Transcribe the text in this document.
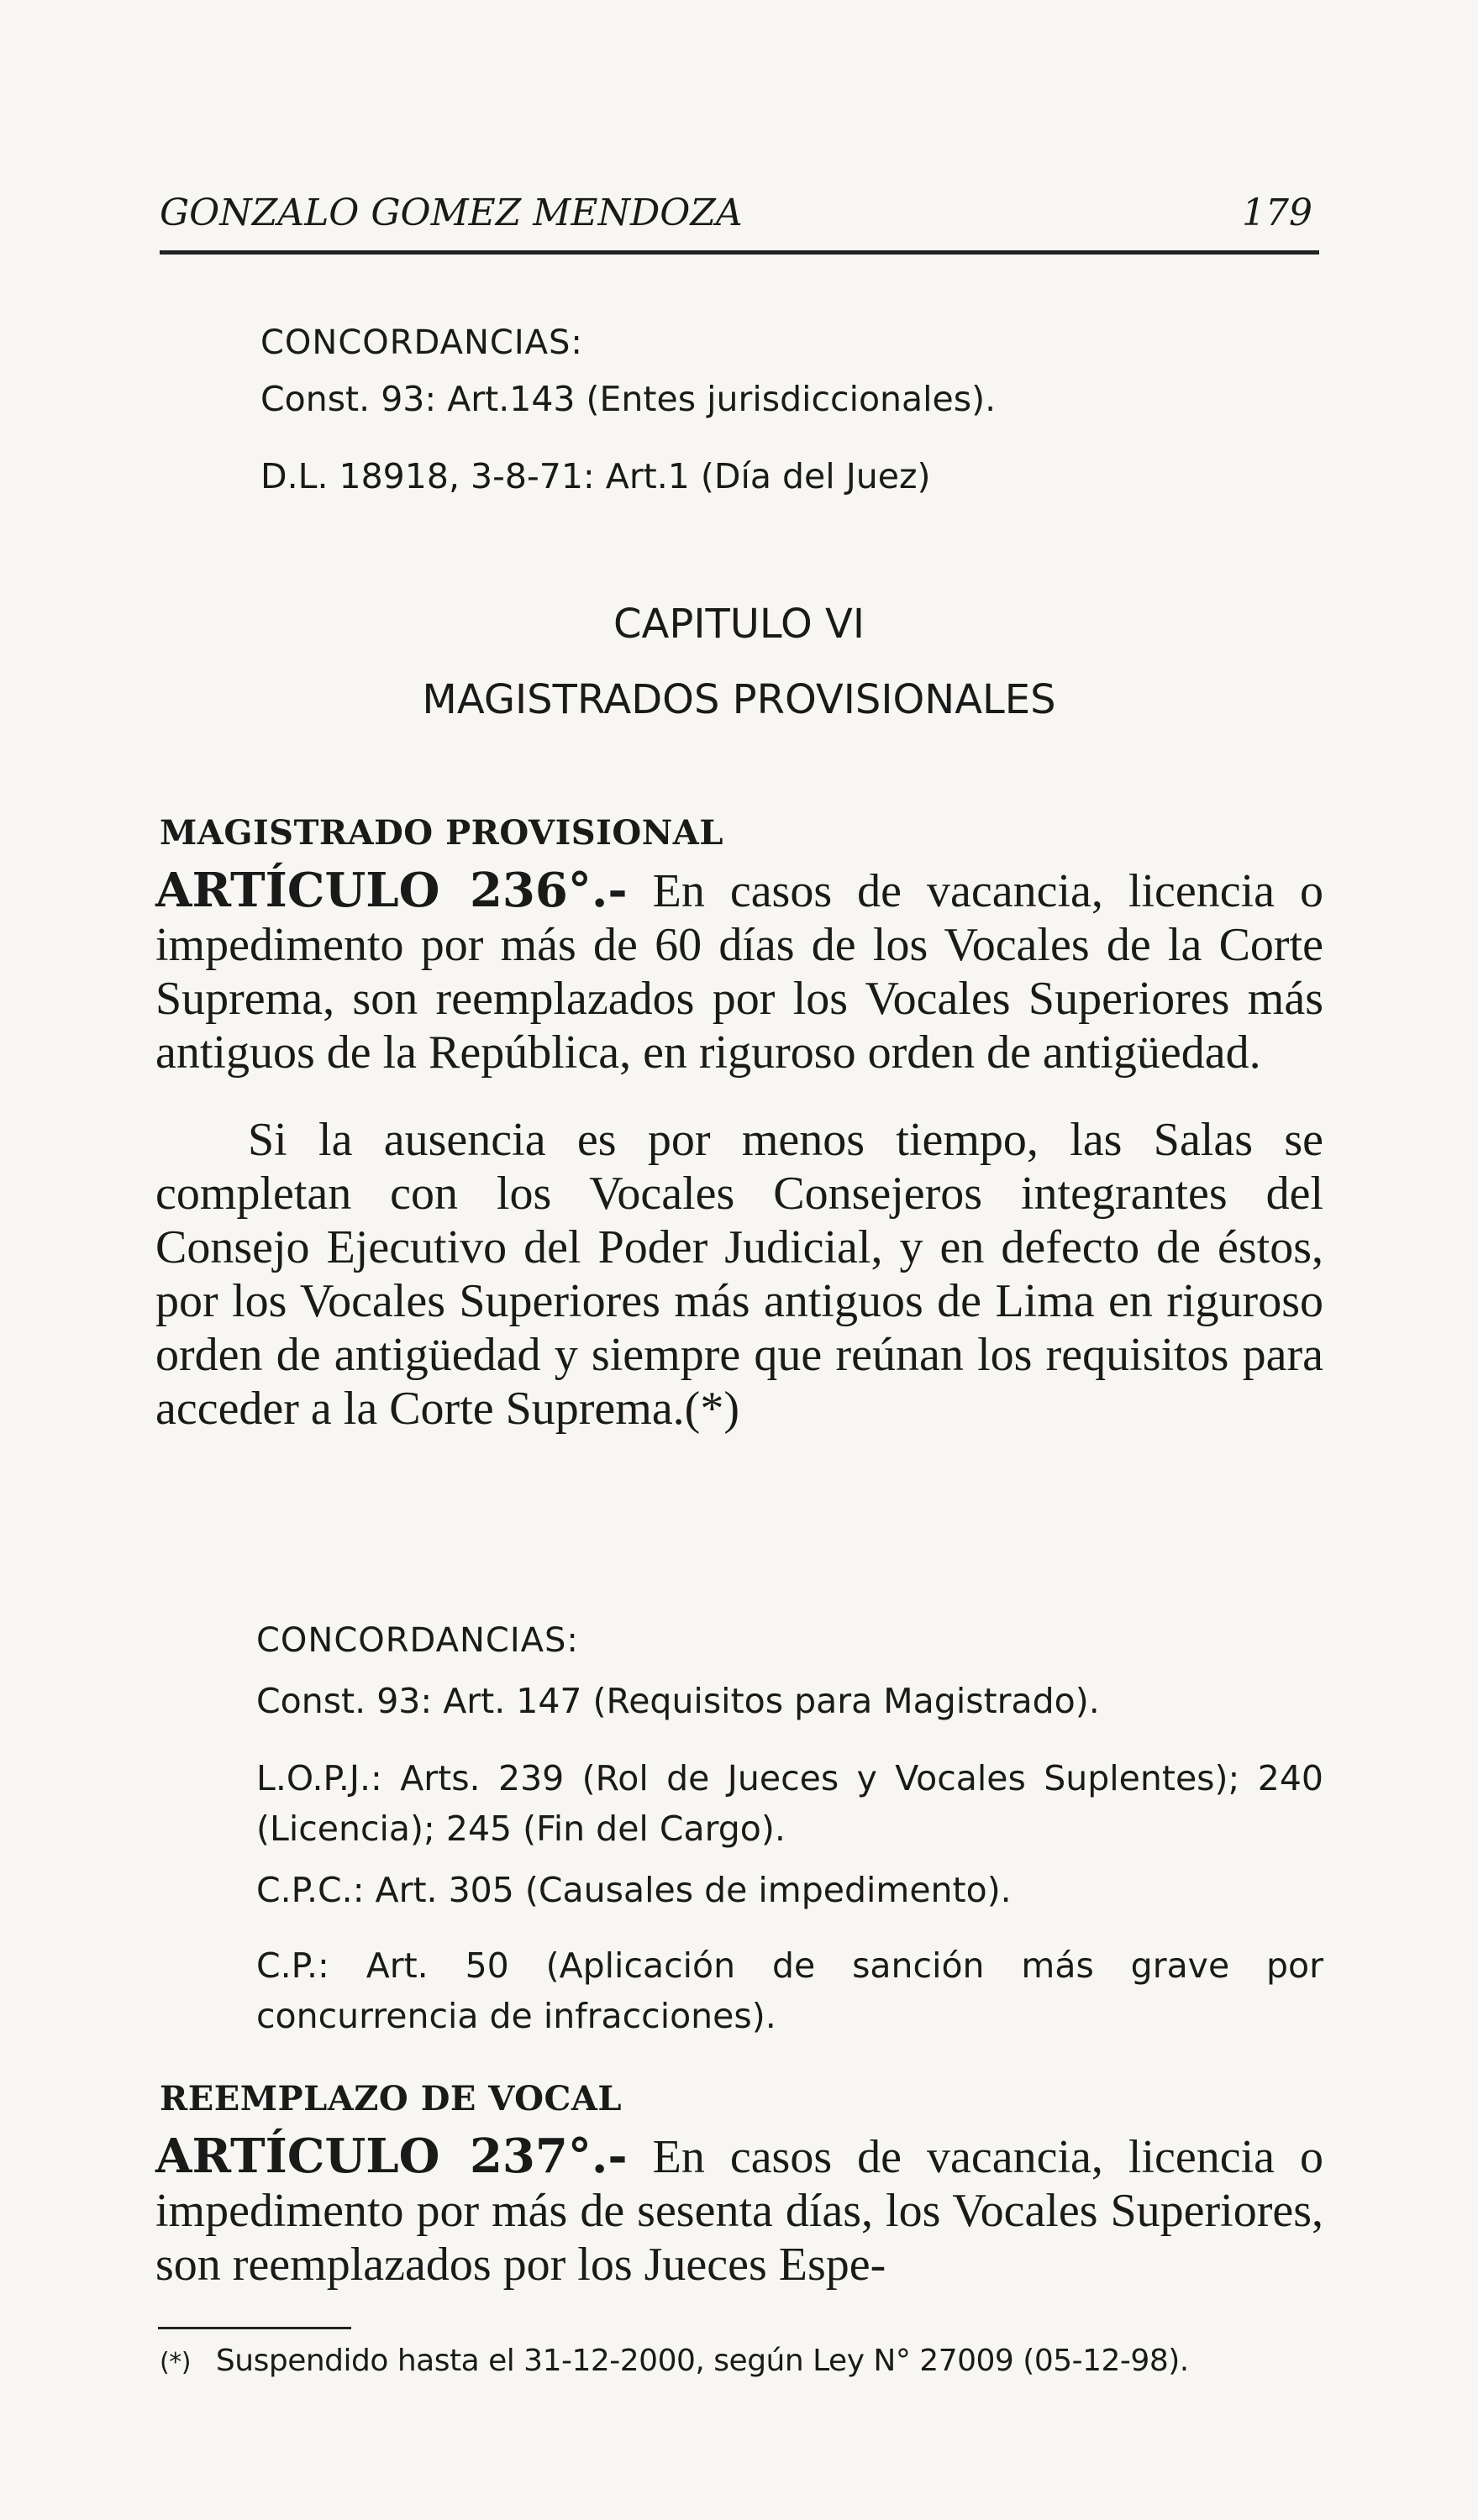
GONZALO GOMEZ MENDOZA	179
CONCORDANCIAS:
Const. 93: Art.143 (Entes jurisdiccionales).
D.L. 18918, 3-8-71: Art.1 (Día del Juez)
CAPITULO VI
MAGISTRADOS PROVISIONALES
MAGISTRADO PROVISIONAL

ARTÍCULO 236°.- En casos de vacancia, licencia o impedimento por más de 60 días de los Vocales de la Corte Suprema, son reemplazados por los Vocales Superiores más antiguos de la República, en riguroso orden de antigüedad.

Si la ausencia es por menos tiempo, las Salas se completan con los Vocales Consejeros integrantes del Consejo Ejecutivo del Poder Judicial, y en defecto de éstos, por los Vocales Superiores más antiguos de Lima en riguroso orden de antigüedad y siempre que reúnan los requisitos para acceder a la Corte Suprema.(*)

CONCORDANCIAS:
Const. 93: Art. 147 (Requisitos para Magistrado).
L.O.P.J.: Arts. 239 (Rol de Jueces y Vocales Suplentes); 240 (Licencia); 245 (Fin del Cargo).
C.P.C.: Art. 305 (Causales de impedimento).
C.P.: Art. 50 (Aplicación de sanción más grave por concurrencia de infracciones).
REEMPLAZO DE VOCAL

ARTÍCULO 237°.- En casos de vacancia, licencia o impedimento por más de sesenta días, los Vocales Superiores, son reemplazados por los Jueces Espe-

(*) Suspendido hasta el 31-12-2000, según Ley N° 27009 (05-12-98).
